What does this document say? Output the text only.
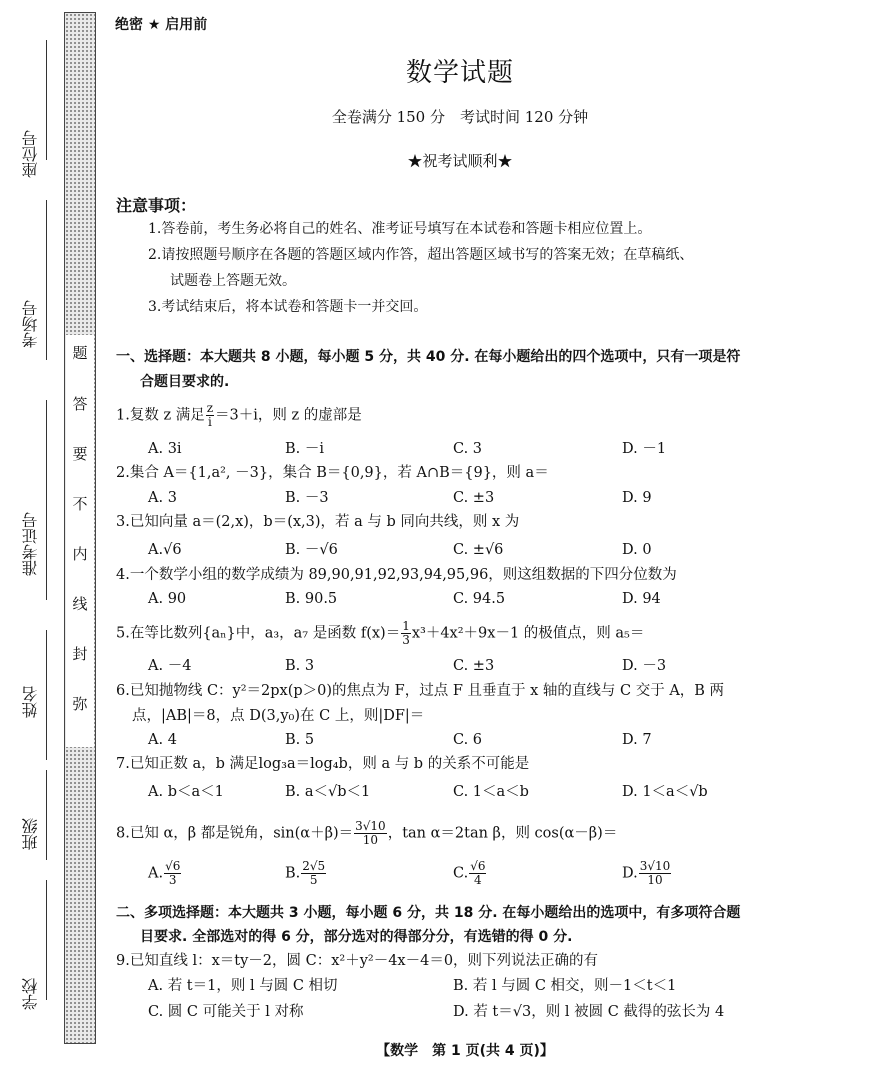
座位号
考场号
准考证号
姓名
班级
学校
题
答
要
不
内
线
封
弥
绝密 ★ 启用前
数学试题
全卷满分 150 分　考试时间 120 分钟
★祝考试顺利★
注意事项：
1.答卷前，考生务必将自己的姓名、准考证号填写在本试卷和答题卡相应位置上。
2.请按照题号顺序在各题的答题区域内作答，超出答题区域书写的答案无效；在草稿纸、
试题卷上答题无效。
3.考试结束后，将本试卷和答题卡一并交回。
一、选择题：本大题共 8 小题，每小题 5 分，共 40 分. 在每小题给出的四个选项中，只有一项是符
合题目要求的.
1.复数 z 满足 $\frac{z}{i} =3+i$，则 z 的虚部是
A. 3i	B. －i	C. 3	D. －1
2.集合 A＝{1,a², －3}，集合 B＝{0,9}，若 A∩B＝{9}，则 a＝
A. 3	B. －3	C. ±3	D. 9
3.已知向量 a＝(2,x)，b＝(x,3)，若 a 与 b 同向共线，则 x 为
A.√6	B. －√6	C. ±√6	D. 0
4.一个数学小组的数学成绩为 89,90,91,92,93,94,95,96，则这组数据的下四分位数为
A. 90	B. 90.5	C. 94.5	D. 94
5.在等比数列{aₙ}中，a₃，a₇ 是函数 $f(x)= \frac{1}{3} x^3+4x^2+9x-1$ 的极值点，则 a₅＝
A. －4	B. 3	C. ±3	D. －3
6.已知抛物线 C：y²＝2px(p＞0)的焦点为 F，过点 F 且垂直于 x 轴的直线与 C 交于 A，B 两
点，|AB|＝8，点 D(3,y₀)在 C 上，则|DF|＝
A. 4	B. 5	C. 6	D. 7
7.已知正数 a，b 满足log₃a＝log₄b，则 a 与 b 的关系不可能是
A. b＜a＜1	B. a＜√b＜1	C. 1＜a＜b	D. 1＜a＜√b
8.已知 α，β 都是锐角，$\sin(\alpha+\beta)= \frac{3√10}{10}$ ，tan α＝2tan β，则 cos(α－β)＝
A. $\frac{√6}{3}$	B. $\frac{2√5}{5}$	C. $\frac{√6}{4}$	D. $\frac{3√10}{10}$
二、多项选择题：本大题共 3 小题，每小题 6 分，共 18 分. 在每小题给出的选项中，有多项符合题
目要求. 全部选对的得 6 分，部分选对的得部分分，有选错的得 0 分.
9.已知直线 l：x＝ty－2，圆 C：x²＋y²－4x－4＝0，则下列说法正确的有
A. 若 t＝1，则 l 与圆 C 相切	B. 若 l 与圆 C 相交，则－1＜t＜1
C. 圆 C 可能关于 l 对称	D. 若 t＝√3，则 l 被圆 C 截得的弦长为 4
【数学　第 1 页(共 4 页)】
